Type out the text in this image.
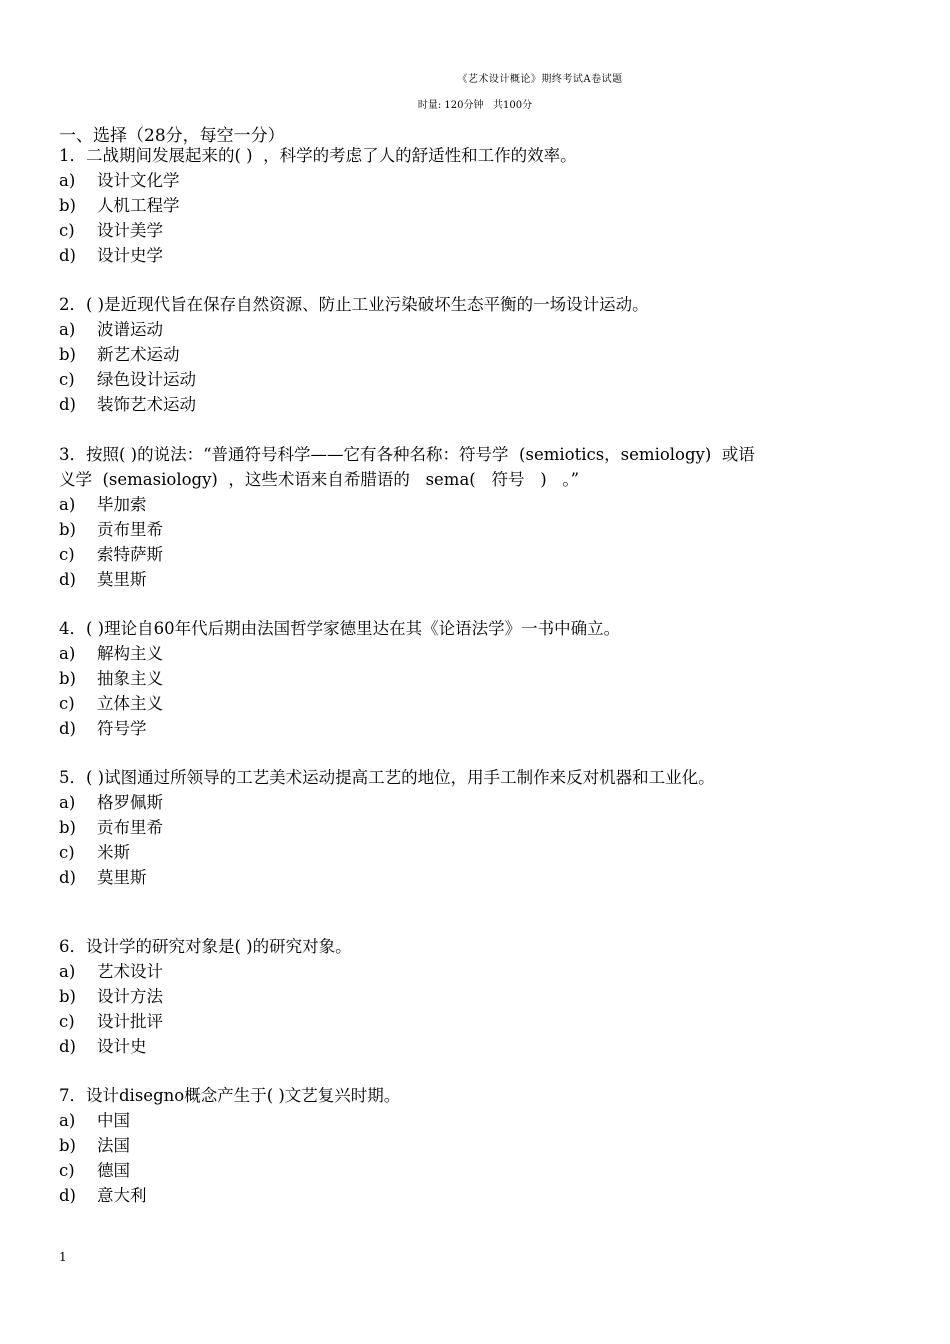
《艺术设计概论》期终考试A卷试题
时量: 120分钟   共100分
一、选择（28分，每空一分）
1．二战期间发展起来的( )  ，科学的考虑了人的舒适性和工作的效率。
a) 设计文化学
b) 人机工程学
c) 设计美学
d) 设计史学
2．( )是近现代旨在保存自然资源、防止工业污染破坏生态平衡的一场设计运动。
a) 波谱运动
b) 新艺术运动
c) 绿色设计运动
d) 装饰艺术运动
3．按照( )的说法：“普通符号科学——它有各种名称：符号学  (semiotics，semiology)  或语
义学  (semasiology)  ，这些术语来自希腊语的   sema(   符号   )   。”
a) 毕加索
b) 贡布里希
c) 索特萨斯
d) 莫里斯
4．( )理论自60年代后期由法国哲学家德里达在其《论语法学》一书中确立。
a) 解构主义
b) 抽象主义
c) 立体主义
d) 符号学
5．( )试图通过所领导的工艺美术运动提高工艺的地位，用手工制作来反对机器和工业化。
a) 格罗佩斯
b) 贡布里希
c) 米斯
d) 莫里斯
6．设计学的研究对象是( )的研究对象。
a) 艺术设计
b) 设计方法
c) 设计批评
d) 设计史
7．设计disegno概念产生于( )文艺复兴时期。
a) 中国
b) 法国
c) 德国
d) 意大利
1
